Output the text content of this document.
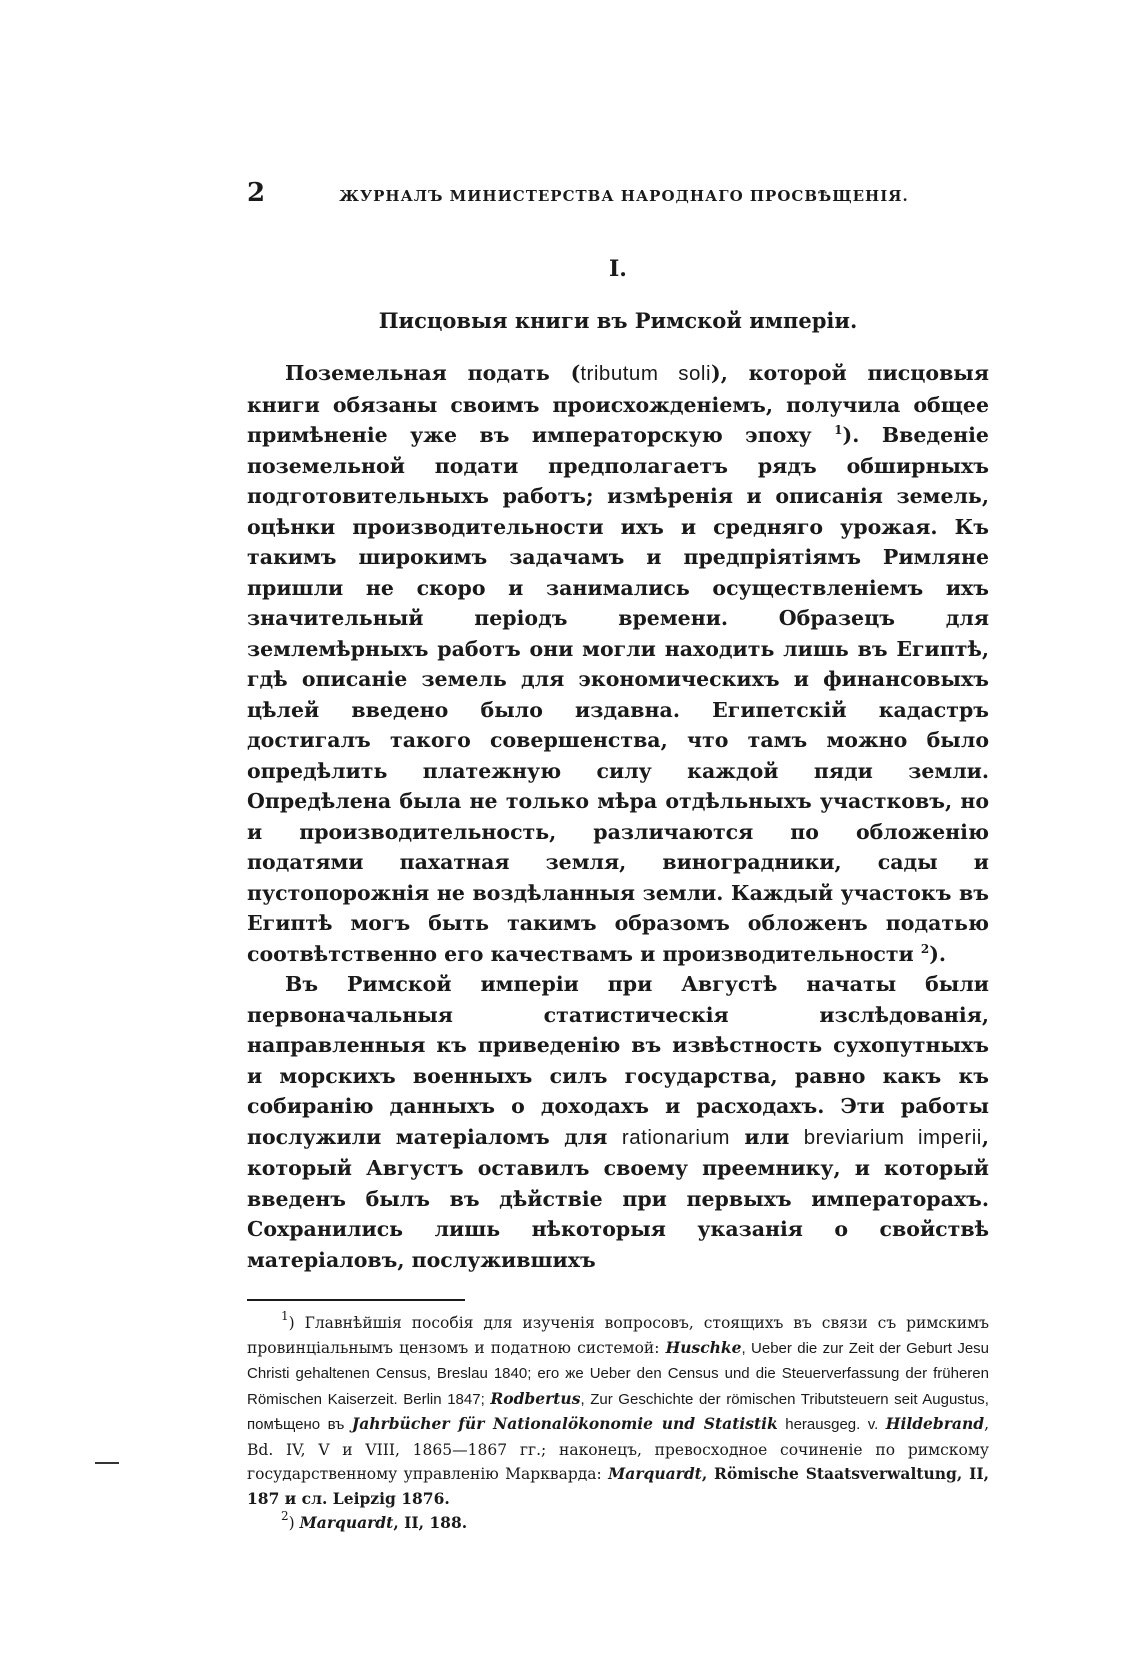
2	ЖУРНАЛЪ МИНИСТЕРСТВА НАРОДНАГО ПРОСВѢЩЕНІЯ.
I.
Писцовыя книги въ Римской имперіи.

Поземельная подать (tributum soli), которой писцовыя книги обязаны своимъ происхожденіемъ, получила общее примѣненіе уже въ императорскую эпоху $^1$). Введеніе поземельной подати предполагаетъ рядъ обширныхъ подготовительныхъ работъ; измѣренія и описанія земель, оцѣнки производительности ихъ и средняго урожая. Къ такимъ широкимъ задачамъ и предпріятіямъ Римляне пришли не скоро и занимались осуществленіемъ ихъ значительный періодъ времени. Образецъ для землемѣрныхъ работъ они могли находить лишь въ Египтѣ, гдѣ описаніе земель для экономическихъ и финансовыхъ цѣлей введено было издавна. Египетскій кадастръ достигалъ такого совершенства, что тамъ можно было опредѣлить платежную силу каждой пяди земли. Опредѣлена была не только мѣра отдѣльныхъ участковъ, но и производительность, различаются по обложенію податями пахатная земля, виноградники, сады и пустопорожнія не воздѣланныя земли. Каждый участокъ въ Египтѣ могъ быть такимъ образомъ обложенъ податью соотвѣтственно его качествамъ и производительности $^2$).

Въ Римской имперіи при Августѣ начаты были первоначальныя статистическія изслѣдованія, направленныя къ приведенію въ извѣстность сухопутныхъ и морскихъ военныхъ силъ государства, равно какъ къ собиранію данныхъ о доходахъ и расходахъ. Эти работы послужили матеріаломъ для rationarium или breviarium imperii, который Августъ оставилъ своему преемнику, и который введенъ былъ въ дѣйствіе при первыхъ императорахъ. Сохранились лишь нѣкоторыя указанія о свойствѣ матеріаловъ, послужившихъ

$^1$) Главнѣйшія пособія для изученія вопросовъ, стоящихъ въ связи съ римскимъ провинціальнымъ цензомъ и податною системой: Huschke, Ueber die zur Zeit der Geburt Jesu Christi gehaltenen Census, Breslau 1840; его же Ueber den Census und die Steuerverfassung der früheren Römischen Kaiserzeit. Berlin 1847; Rodbertus, Zur Geschichte der römischen Tributsteuern seit Augustus, помѣщено въ Jahrbücher für Nationalökonomie und Statistik herausgeg. v. Hildebrand, Bd. IV, V и VIII, 1865—1867 гг.; наконецъ, превосходное сочиненіе по римскому государственному управленію Маркварда: Marquardt, Römische Staatsverwaltung, II, 187 и сл. Leipzig 1876.

$^2$) Marquardt, II, 188.
